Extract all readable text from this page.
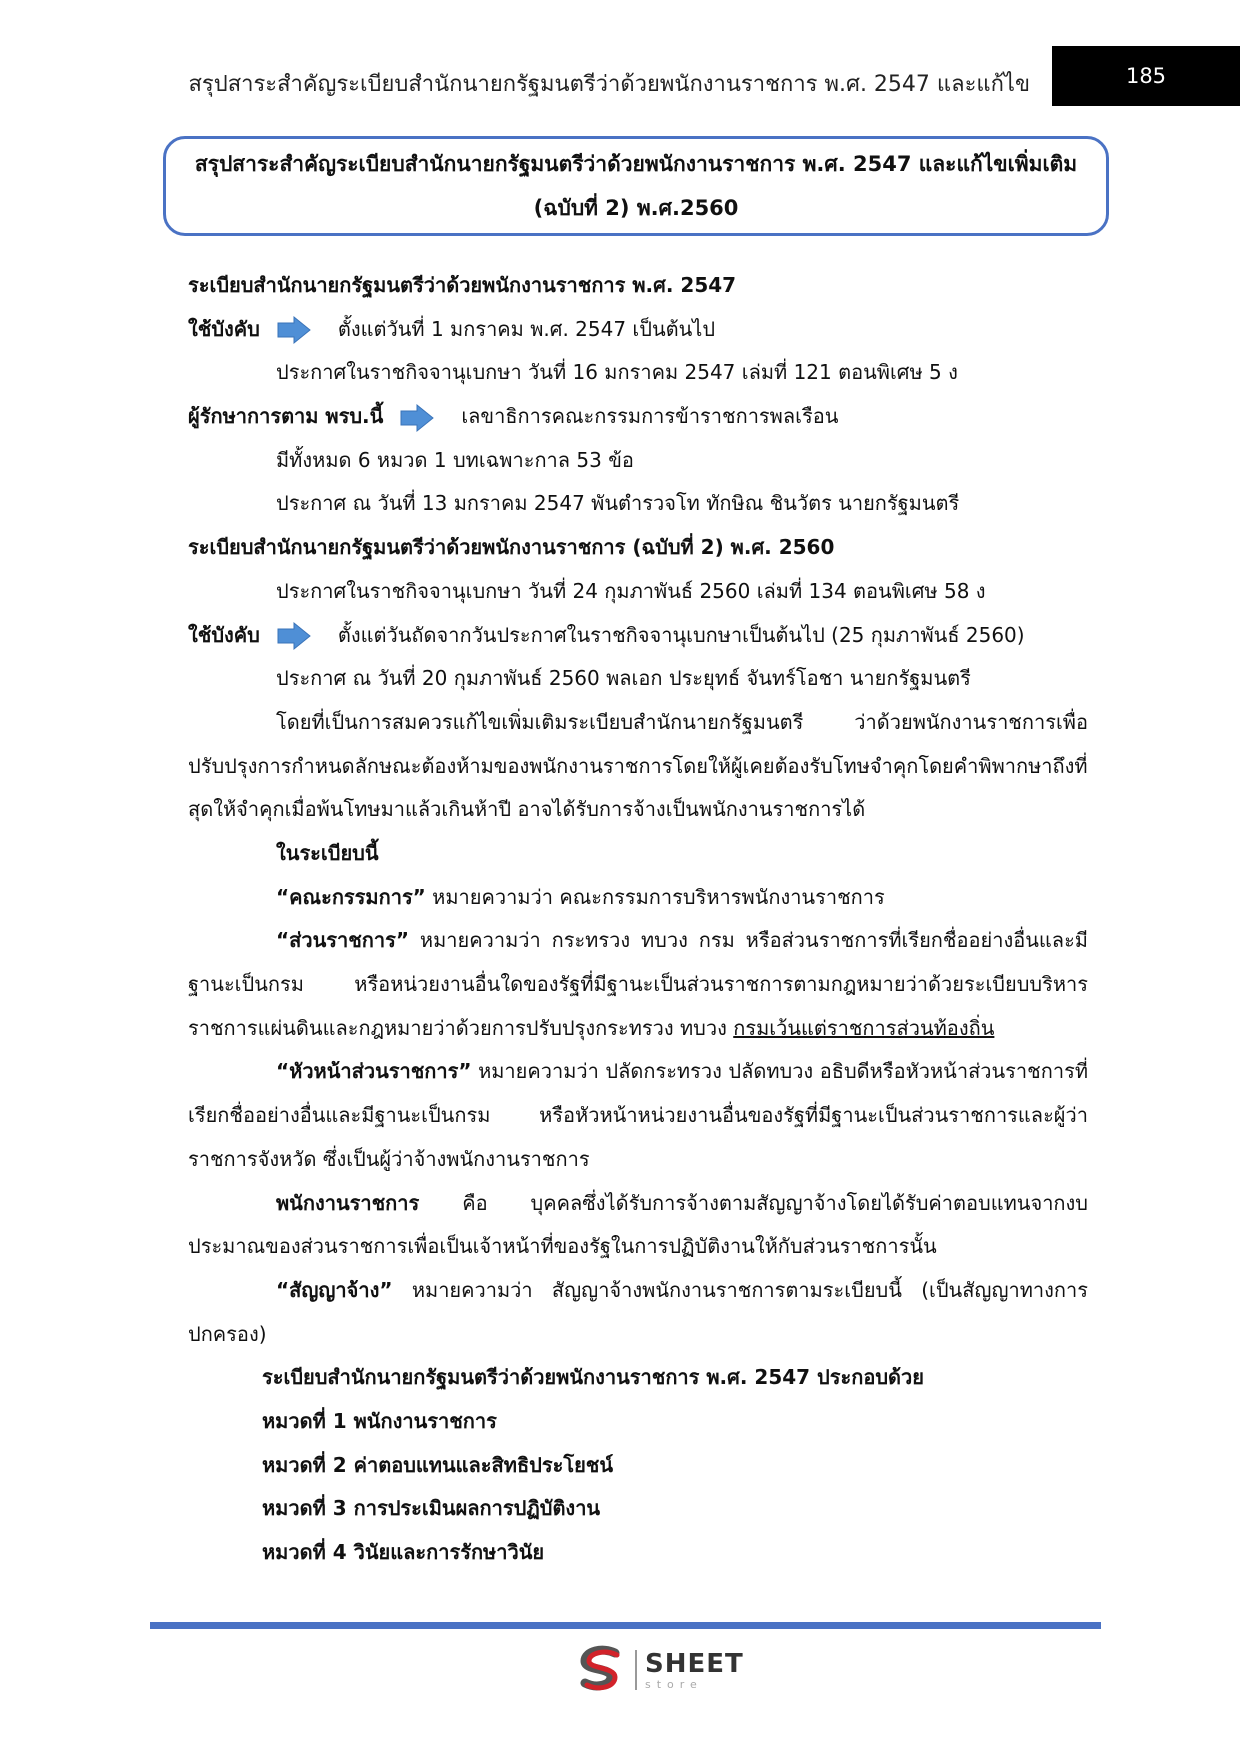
สรุปสาระสำคัญระเบียบสำนักนายกรัฐมนตรีว่าด้วยพนักงานราชการ พ.ศ. 2547 และแก้ไข	185
สรุปสาระสำคัญระเบียบสำนักนายกรัฐมนตรีว่าด้วยพนักงานราชการ พ.ศ. 2547 และแก้ไขเพิ่มเติม
(ฉบับที่ 2) พ.ศ.2560
ระเบียบสำนักนายกรัฐมนตรีว่าด้วยพนักงานราชการ พ.ศ. 2547
ใช้บังคับ	ตั้งแต่วันที่ 1 มกราคม พ.ศ. 2547 เป็นต้นไป
ประกาศในราชกิจจานุเบกษา วันที่ 16 มกราคม 2547 เล่มที่ 121 ตอนพิเศษ 5 ง
ผู้รักษาการตาม พรบ.นี้	เลขาธิการคณะกรรมการข้าราชการพลเรือน
มีทั้งหมด 6 หมวด 1 บทเฉพาะกาล 53 ข้อ
ประกาศ ณ วันที่ 13 มกราคม 2547 พันตำรวจโท ทักษิณ ชินวัตร นายกรัฐมนตรี
ระเบียบสำนักนายกรัฐมนตรีว่าด้วยพนักงานราชการ (ฉบับที่ 2) พ.ศ. 2560
ประกาศในราชกิจจานุเบกษา วันที่ 24 กุมภาพันธ์ 2560 เล่มที่ 134 ตอนพิเศษ 58 ง
ใช้บังคับ	ตั้งแต่วันถัดจากวันประกาศในราชกิจจานุเบกษาเป็นต้นไป (25 กุมภาพันธ์ 2560)
ประกาศ ณ วันที่ 20 กุมภาพันธ์ 2560 พลเอก ประยุทธ์ จันทร์โอชา นายกรัฐมนตรี
โดยที่เป็นการสมควรแก้ไขเพิ่มเติมระเบียบสำนักนายกรัฐมนตรี ว่าด้วยพนักงานราชการเพื่อปรับปรุงการกำหนดลักษณะต้องห้ามของพนักงานราชการโดยให้ผู้เคยต้องรับโทษจำคุกโดยคำพิพากษาถึงที่สุดให้จำคุกเมื่อพ้นโทษมาแล้วเกินห้าปี อาจได้รับการจ้างเป็นพนักงานราชการได้
ในระเบียบนี้
“คณะกรรมการ” หมายความว่า คณะกรรมการบริหารพนักงานราชการ
“ส่วนราชการ” หมายความว่า กระทรวง ทบวง กรม หรือส่วนราชการที่เรียกชื่ออย่างอื่นและมีฐานะเป็นกรม หรือหน่วยงานอื่นใดของรัฐที่มีฐานะเป็นส่วนราชการตามกฎหมายว่าด้วยระเบียบบริหารราชการแผ่นดินและกฎหมายว่าด้วยการปรับปรุงกระทรวง ทบวง กรมเว้นแต่ราชการส่วนท้องถิ่น
“หัวหน้าส่วนราชการ” หมายความว่า ปลัดกระทรวง ปลัดทบวง อธิบดีหรือหัวหน้าส่วนราชการที่เรียกชื่ออย่างอื่นและมีฐานะเป็นกรม หรือหัวหน้าหน่วยงานอื่นของรัฐที่มีฐานะเป็นส่วนราชการและผู้ว่าราชการจังหวัด ซึ่งเป็นผู้ว่าจ้างพนักงานราชการ
พนักงานราชการ คือ บุคคลซึ่งได้รับการจ้างตามสัญญาจ้างโดยได้รับค่าตอบแทนจากงบประมาณของส่วนราชการเพื่อเป็นเจ้าหน้าที่ของรัฐในการปฏิบัติงานให้กับส่วนราชการนั้น
“สัญญาจ้าง” หมายความว่า สัญญาจ้างพนักงานราชการตามระเบียบนี้ (เป็นสัญญาทางการปกครอง)
ระเบียบสำนักนายกรัฐมนตรีว่าด้วยพนักงานราชการ พ.ศ. 2547 ประกอบด้วย
หมวดที่ 1 พนักงานราชการ
หมวดที่ 2 ค่าตอบแทนและสิทธิประโยชน์
หมวดที่ 3 การประเมินผลการปฏิบัติงาน
หมวดที่ 4 วินัยและการรักษาวินัย
SHEET
store
